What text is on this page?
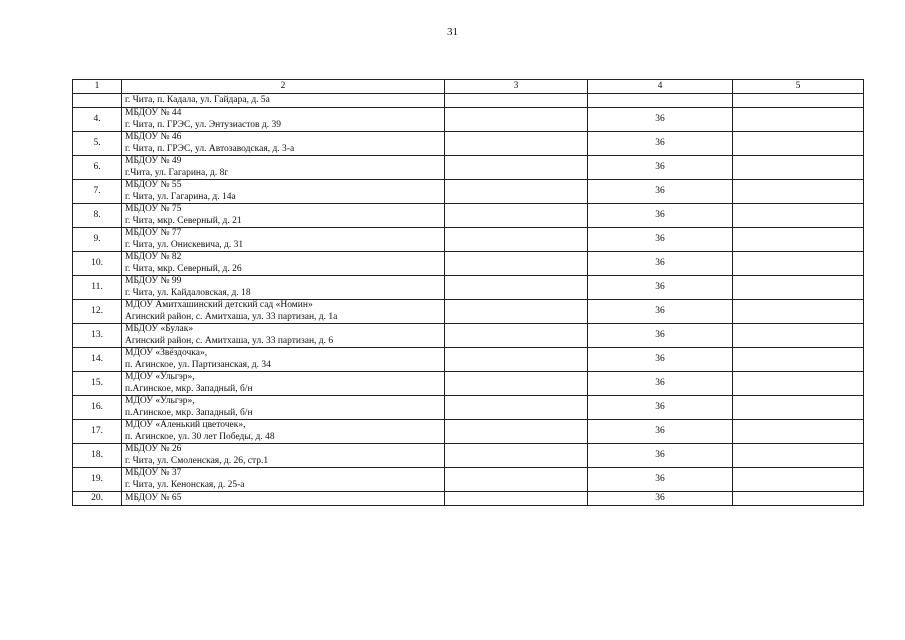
31
1	2	3	4	5

	г. Чита, п. Кадала, ул. Гайдара, д. 5а			

4.	МБДОУ № 44
г. Чита, п. ГРЭС, ул. Энтузиастов д. 39		36	
5.	МБДОУ № 46
г. Чита, п. ГРЭС, ул. Автозаводская, д. 3-а		36	
6.	МБДОУ № 49
г.Чита, ул. Гагарина, д. 8г		36	
7.	МБДОУ № 55
г. Чита, ул. Гагарина, д. 14а		36	
8.	МБДОУ № 75
г. Чита, мкр. Северный, д. 21		36	
9.	МБДОУ № 77
г. Чита, ул. Онискевича, д. 31		36	
10.	МБДОУ № 82
г. Чита, мкр. Северный, д. 26		36	
11.	МБДОУ № 99
г. Чита, ул. Кайдаловская, д. 18		36	
12.	МДОУ Амитхашинский детский сад «Номин»
Агинский район, с. Амитхаша, ул. 33 партизан, д. 1а		36	
13.	МБДОУ «Булак»
Агинский район, с. Амитхаша, ул. 33 партизан, д. 6		36	
14.	МДОУ «Звёздочка»,
п. Агинское, ул. Партизанская, д. 34		36	
15.	МДОУ «Ульгэр»,
п.Агинское, мкр. Западный, б/н		36	
16.	МДОУ «Ульгэр»,
п.Агинское, мкр. Западный, б/н		36	
17.	МДОУ «Аленький цветочек»,
п. Агинское, ул. 30 лет Победы, д. 48		36	
18.	МБДОУ № 26
г. Чита, ул. Смоленская, д. 26, стр.1		36	
19.	МБДОУ № 37
г. Чита, ул. Кенонская, д. 25-а		36	
20.	МБДОУ № 65		36	
